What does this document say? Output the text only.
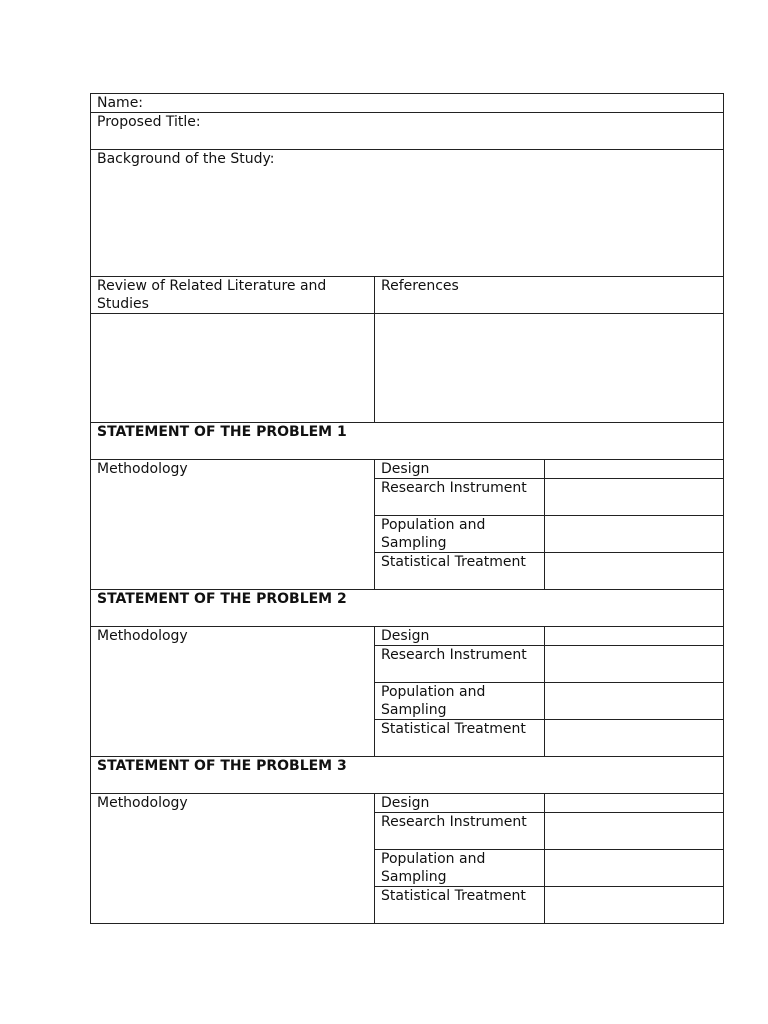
Name:		
Proposed Title:		
Background of the Study:		
Review of Related Literature and Studies	References	

STATEMENT OF THE PROBLEM 1		
Methodology	Design	
	Research Instrument	
	Population and Sampling	
	Statistical Treatment	
STATEMENT OF THE PROBLEM 2		
Methodology	Design	
	Research Instrument	
	Population and Sampling	
	Statistical Treatment	
STATEMENT OF THE PROBLEM 3		
Methodology	Design	
	Research Instrument	
	Population and Sampling	
	Statistical Treatment	
